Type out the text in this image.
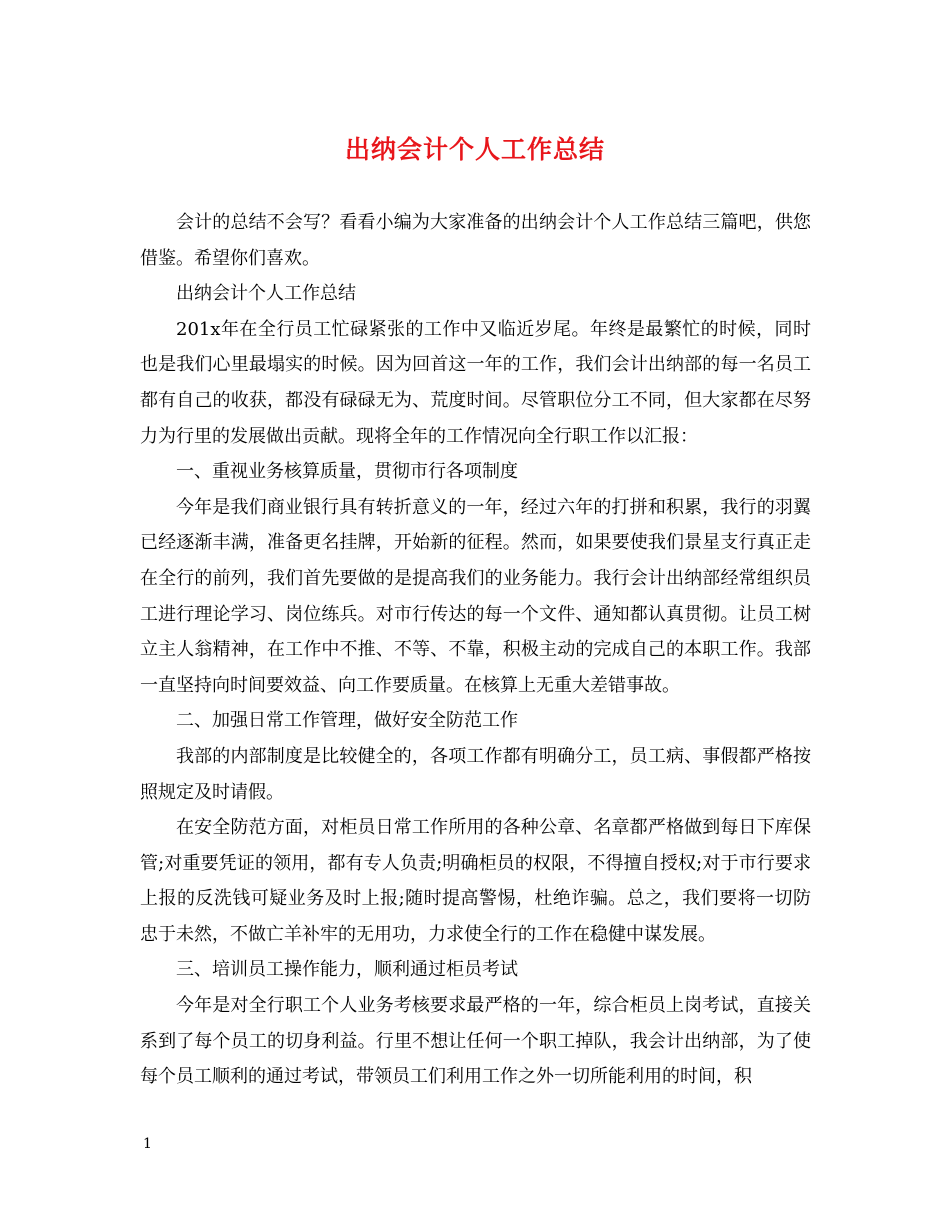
出纳会计个人工作总结

会计的总结不会写？看看小编为大家准备的出纳会计个人工作总结三篇吧，供您借鉴。希望你们喜欢。

出纳会计个人工作总结

201x年在全行员工忙碌紧张的工作中又临近岁尾。年终是最繁忙的时候，同时也是我们心里最塌实的时候。因为回首这一年的工作，我们会计出纳部的每一名员工都有自己的收获，都没有碌碌无为、荒度时间。尽管职位分工不同，但大家都在尽努力为行里的发展做出贡献。现将全年的工作情况向全行职工作以汇报：

一、重视业务核算质量，贯彻市行各项制度

今年是我们商业银行具有转折意义的一年，经过六年的打拼和积累，我行的羽翼已经逐渐丰满，准备更名挂牌，开始新的征程。然而，如果要使我们景星支行真正走在全行的前列，我们首先要做的是提高我们的业务能力。我行会计出纳部经常组织员工进行理论学习、岗位练兵。对市行传达的每一个文件、通知都认真贯彻。让员工树立主人翁精神，在工作中不推、不等、不靠，积极主动的完成自己的本职工作。我部一直坚持向时间要效益、向工作要质量。在核算上无重大差错事故。

二、加强日常工作管理，做好安全防范工作

我部的内部制度是比较健全的，各项工作都有明确分工，员工病、事假都严格按照规定及时请假。

在安全防范方面，对柜员日常工作所用的各种公章、名章都严格做到每日下库保管;对重要凭证的领用，都有专人负责;明确柜员的权限，不得擅自授权;对于市行要求上报的反洗钱可疑业务及时上报;随时提高警惕，杜绝诈骗。总之，我们要将一切防忠于未然，不做亡羊补牢的无用功，力求使全行的工作在稳健中谋发展。

三、培训员工操作能力，顺利通过柜员考试

今年是对全行职工个人业务考核要求最严格的一年，综合柜员上岗考试，直接关系到了每个员工的切身利益。行里不想让任何一个职工掉队，我会计出纳部，为了使每个员工顺利的通过考试，带领员工们利用工作之外一切所能利用的时间，积

1
